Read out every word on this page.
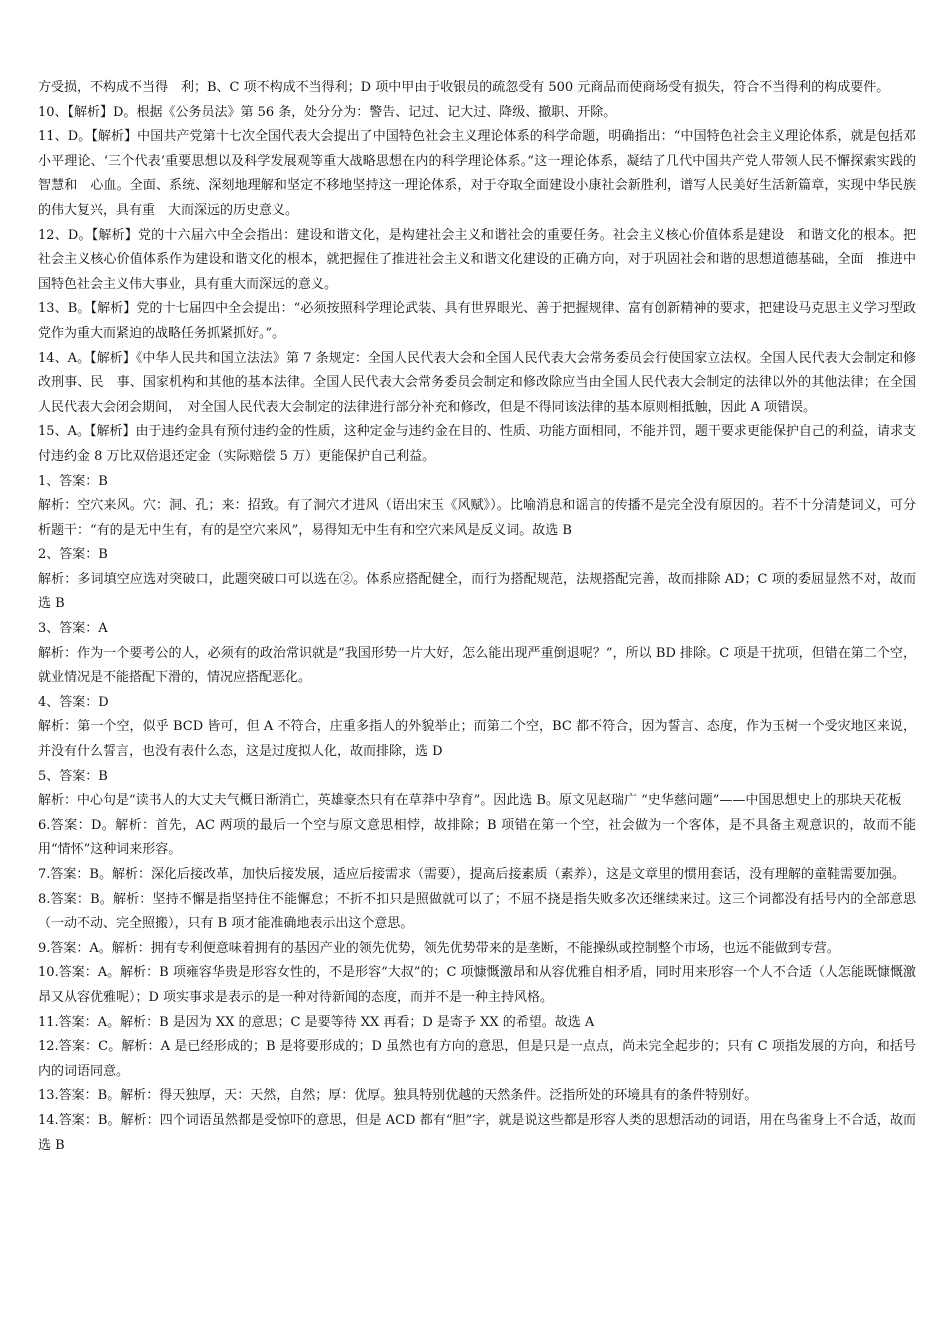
方受损，不构成不当得　利；B、C 项不构成不当得利；D 项中甲由于收银员的疏忽受有 500 元商品而使商场受有损失，符合不当得利的构成要件。

10、【解析】D。根据《公务员法》第 56 条，处分分为：警告、记过、记大过、降级、撤职、开除。

11、D。【解析】中国共产党第十七次全国代表大会提出了中国特色社会主义理论体系的科学命题，明确指出：“中国特色社会主义理论体系，就是包括邓　小平理论、‘三个代表’重要思想以及科学发展观等重大战略思想在内的科学理论体系。”这一理论体系，凝结了几代中国共产党人带领人民不懈探索实践的智慧和　心血。全面、系统、深刻地理解和坚定不移地坚持这一理论体系，对于夺取全面建设小康社会新胜利，谱写人民美好生活新篇章，实现中华民族的伟大复兴，具有重　大而深远的历史意义。

12、D。【解析】党的十六届六中全会指出：建设和谐文化，是构建社会主义和谐社会的重要任务。社会主义核心价值体系是建设　和谐文化的根本。把社会主义核心价值体系作为建设和谐文化的根本，就把握住了推进社会主义和谐文化建设的正确方向，对于巩固社会和谐的思想道德基础，全面　推进中国特色社会主义伟大事业，具有重大而深远的意义。

13、B。【解析】党的十七届四中全会提出：“必须按照科学理论武装、具有世界眼光、善于把握规律、富有创新精神的要求，把建设马克思主义学习型政党作为重大而紧迫的战略任务抓紧抓好。”。

14、A。【解析】《中华人民共和国立法法》第 7 条规定：全国人民代表大会和全国人民代表大会常务委员会行使国家立法权。全国人民代表大会制定和修改刑事、民　事、国家机构和其他的基本法律。全国人民代表大会常务委员会制定和修改除应当由全国人民代表大会制定的法律以外的其他法律；在全国人民代表大会闭会期间，　对全国人民代表大会制定的法律进行部分补充和修改，但是不得同该法律的基本原则相抵触，因此 A 项错误。

15、A。【解析】由于违约金具有预付违约金的性质，这种定金与违约金在目的、性质、功能方面相同，不能并罚，题干要求更能保护自己的利益，请求支付违约金 8 万比双倍退还定金（实际赔偿 5 万）更能保护自己利益。

1、答案：B

解析：空穴来风。穴：洞、孔；来：招致。有了洞穴才进风（语出宋玉《风赋》）。比喻消息和谣言的传播不是完全没有原因的。若不十分清楚词义，可分析题干：“有的是无中生有，有的是空穴来风”，易得知无中生有和空穴来风是反义词。故选 B

2、答案：B

解析：多词填空应选对突破口，此题突破口可以选在②。体系应搭配健全，而行为搭配规范，法规搭配完善，故而排除 AD；C 项的委屈显然不对，故而选 B

3、答案：A

解析：作为一个要考公的人，必须有的政治常识就是“我国形势一片大好，怎么能出现严重倒退呢？”，所以 BD 排除。C 项是干扰项，但错在第二个空，就业情况是不能搭配下滑的，情况应搭配恶化。

4、答案：D

解析：第一个空，似乎 BCD 皆可，但 A 不符合，庄重多指人的外貌举止；而第二个空，BC 都不符合，因为誓言、态度，作为玉树一个受灾地区来说，并没有什么誓言，也没有表什么态，这是过度拟人化，故而排除，选 D

5、答案：B

解析：中心句是“读书人的大丈夫气概日渐消亡，英雄豪杰只有在草莽中孕育”。因此选 B。原文见赵瑞广 “史华慈问题”——中国思想史上的那块天花板

6.答案：D。解析：首先，AC 两项的最后一个空与原文意思相悖，故排除；B 项错在第一个空，社会做为一个客体，是不具备主观意识的，故而不能用“情怀”这种词来形容。

7.答案：B。解析：深化后接改革，加快后接发展，适应后接需求（需要），提高后接素质（素养），这是文章里的惯用套话，没有理解的童鞋需要加强。

8.答案：B。解析：坚持不懈是指坚持住不能懈怠；不折不扣只是照做就可以了；不屈不挠是指失败多次还继续来过。这三个词都没有括号内的全部意思（一动不动、完全照搬），只有 B 项才能准确地表示出这个意思。

9.答案：A。解析：拥有专利便意味着拥有的基因产业的领先优势，领先优势带来的是垄断，不能操纵或控制整个市场，也远不能做到专营。

10.答案：A。解析：B 项雍容华贵是形容女性的，不是形容“大叔”的；C 项慷慨激昂和从容优雅自相矛盾，同时用来形容一个人不合适（人怎能既慷慨激昂又从容优雅呢）；D 项实事求是表示的是一种对待新闻的态度，而并不是一种主持风格。

11.答案：A。解析：B 是因为 XX 的意思；C 是要等待 XX 再看；D 是寄予 XX 的希望。故选 A

12.答案：C。解析：A 是已经形成的；B 是将要形成的；D 虽然也有方向的意思，但是只是一点点，尚未完全起步的；只有 C 项指发展的方向，和括号内的词语同意。

13.答案：B。解析：得天独厚，天：天然，自然；厚：优厚。独具特别优越的天然条件。泛指所处的环境具有的条件特别好。

14.答案：B。解析：四个词语虽然都是受惊吓的意思，但是 ACD 都有“胆”字，就是说这些都是形容人类的思想活动的词语，用在鸟雀身上不合适，故而选 B
